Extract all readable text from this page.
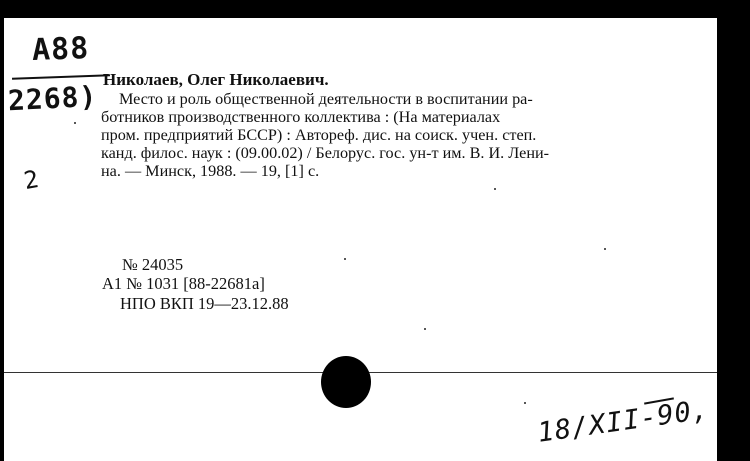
А88
2268)
2
Николаев, Олег Николаевич.
Место и роль общественной деятельности в воспитании ра-
ботников производственного коллектива : (На материалах
пром. предприятий БССР) : Автореф. дис. на соиск. учен. степ.
канд. филос. наук : (09.00.02) / Белорус. гос. ун-т им. В. И. Лени-
на. — Минск, 1988. — 19, [1] с.
№ 24035
А1 № 1031 [88-22681а]
НПО ВКП 19—23.12.88
18/XII-90,
